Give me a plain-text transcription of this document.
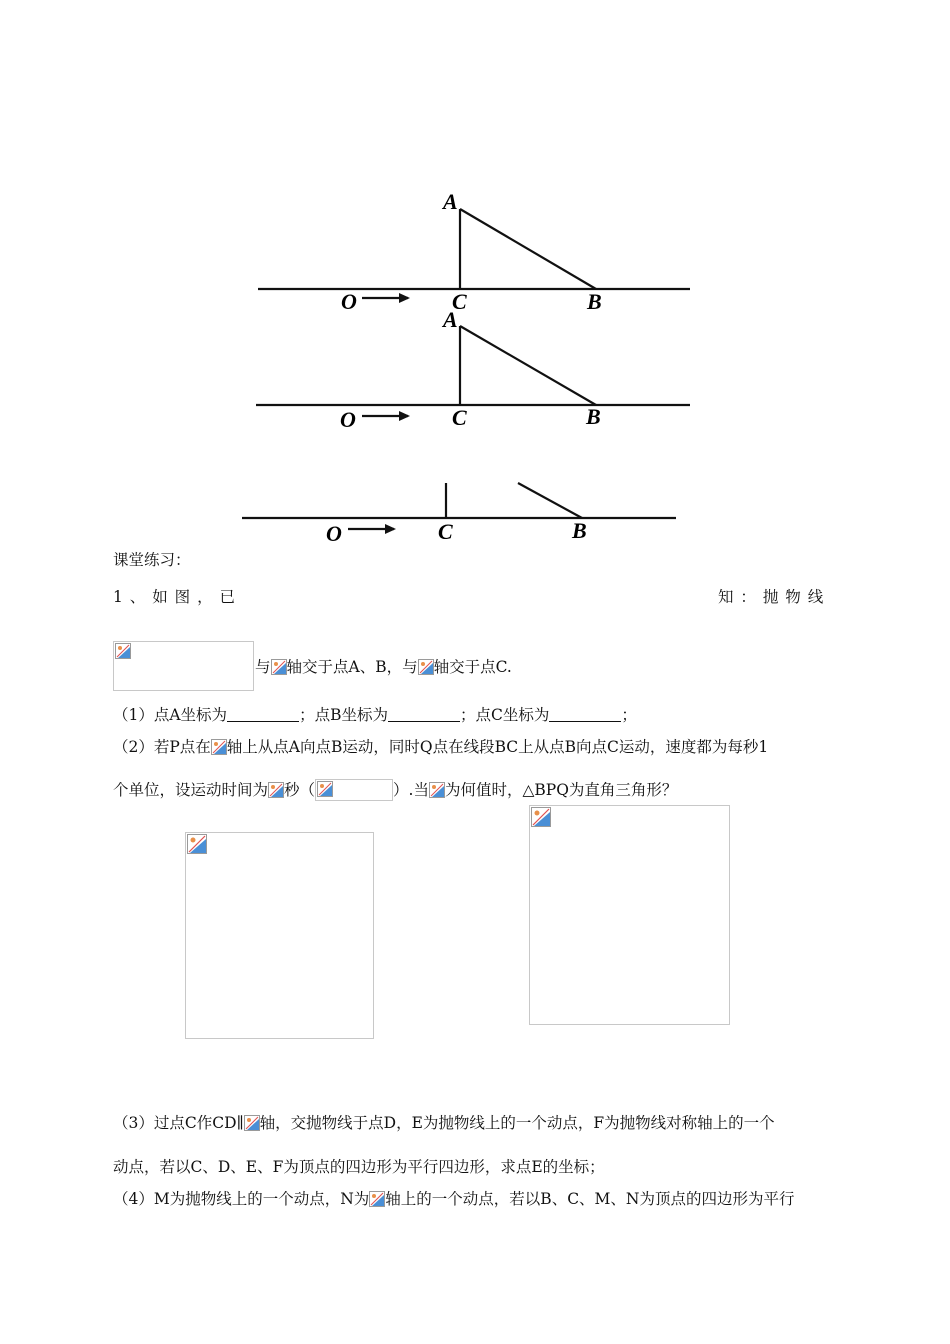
A
O	C	B
A
O	C	B
O	C	B
课堂练习：
1 、 如 图 ， 已	知 ： 抛 物 线
与 轴交于点A、B，与 轴交于点C.
（1）点A坐标为	；点B坐标为	；点C坐标为	；
（2）若P点在 轴上从点A向点B运动，同时Q点在线段BC上从点B向点C运动，速度都为每秒1
个单位，设运动时间为 秒（	）.当 为何值时，△BPQ为直角三角形？
（3）过点C作CD∥ 轴，交抛物线于点D，E为抛物线上的一个动点，F为抛物线对称轴上的一个
动点，若以C、D、E、F为顶点的四边形为平行四边形，求点E的坐标；
（4）M为抛物线上的一个动点，N为 轴上的一个动点，若以B、C、M、N为顶点的四边形为平行
